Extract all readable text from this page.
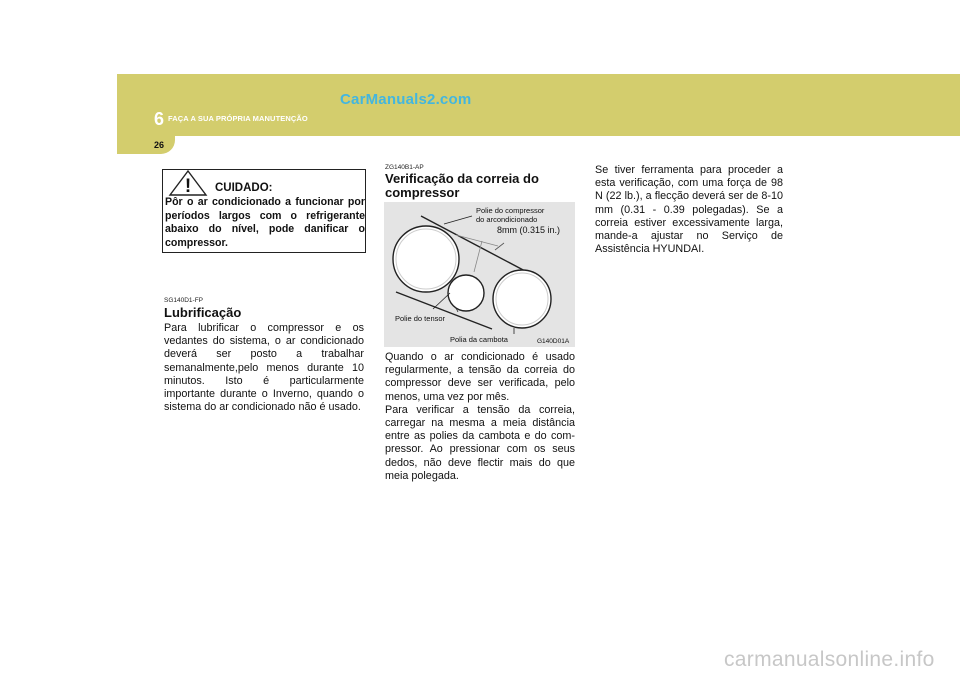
6 FAÇA A SUA PRÓPRIA MANUTENÇÃO
CarManuals2.com
26
! CUIDADO:
Pôr o ar condicionado a funcionar por períodos largos com o refrigerante abaixo do nível, pode danificar o compressor.
SG140D1-FP
Lubrificação
Para lubrificar o compressor e os vedantes do sistema, o ar condicionado deverá ser posto a trabalhar semanalmente,pelo menos durante 10 minutos. Isto é particularmente importante durante o Inverno, quando o sistema do ar condicionado não é usado.
ZG140B1-AP
Verificação da correia do
compressor
Polie do compressor
do arcondicionado
8mm (0.315 in.)
Polie do tensor
Polia da cambota	G140D01A

Quando o ar condicionado é usado regularmente, a tensão da correia do compressor deve ser verificada, pelo menos, uma vez por mês.

Para verificar a tensão da correia, carregar na mesma a meia distância entre as polies da cambota e do com-pressor. Ao pressionar com os seus dedos, não deve flectir mais do que meia polegada.

Se tiver ferramenta para proceder a esta verificação, com uma força de 98 N (22 lb.), a flecção deverá ser de 8-10 mm (0.31 - 0.39 polegadas). Se a correia estiver excessivamente larga, mande-a ajustar no Serviço de Assistência HYUNDAI.
carmanualsonline.info
